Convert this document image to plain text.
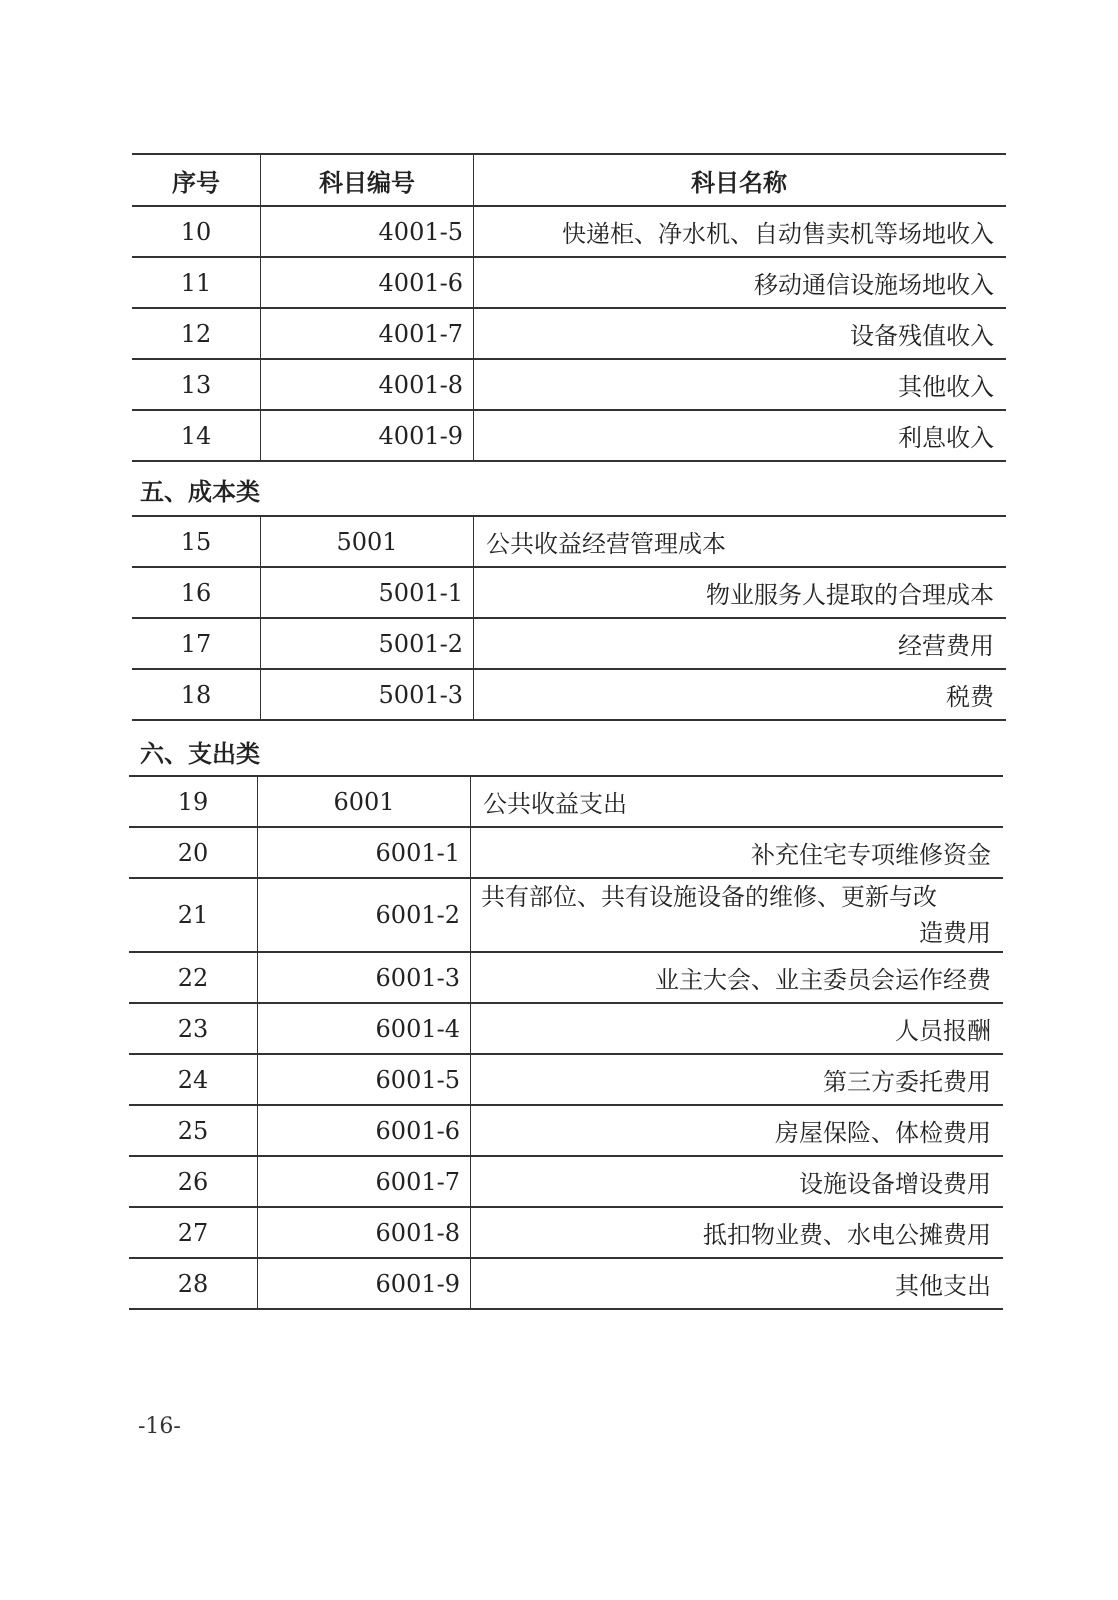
序号	科目编号	科目名称
10	4001-5	快递柜、净水机、自动售卖机等场地收入
11	4001-6	移动通信设施场地收入
12	4001-7	设备残值收入
13	4001-8	其他收入
14	4001-9	利息收入
五、成本类
15	5001	公共收益经营管理成本
16	5001-1	物业服务人提取的合理成本
17	5001-2	经营费用
18	5001-3	税费
六、支出类
19	6001	公共收益支出
20	6001-1	补充住宅专项维修资金
21	6001-2	共有部位、共有设施设备的维修、更新与改
造费用

22	6001-3	业主大会、业主委员会运作经费
23	6001-4	人员报酬
24	6001-5	第三方委托费用
25	6001-6	房屋保险、体检费用
26	6001-7	设施设备增设费用
27	6001-8	抵扣物业费、水电公摊费用
28	6001-9	其他支出
-16-
